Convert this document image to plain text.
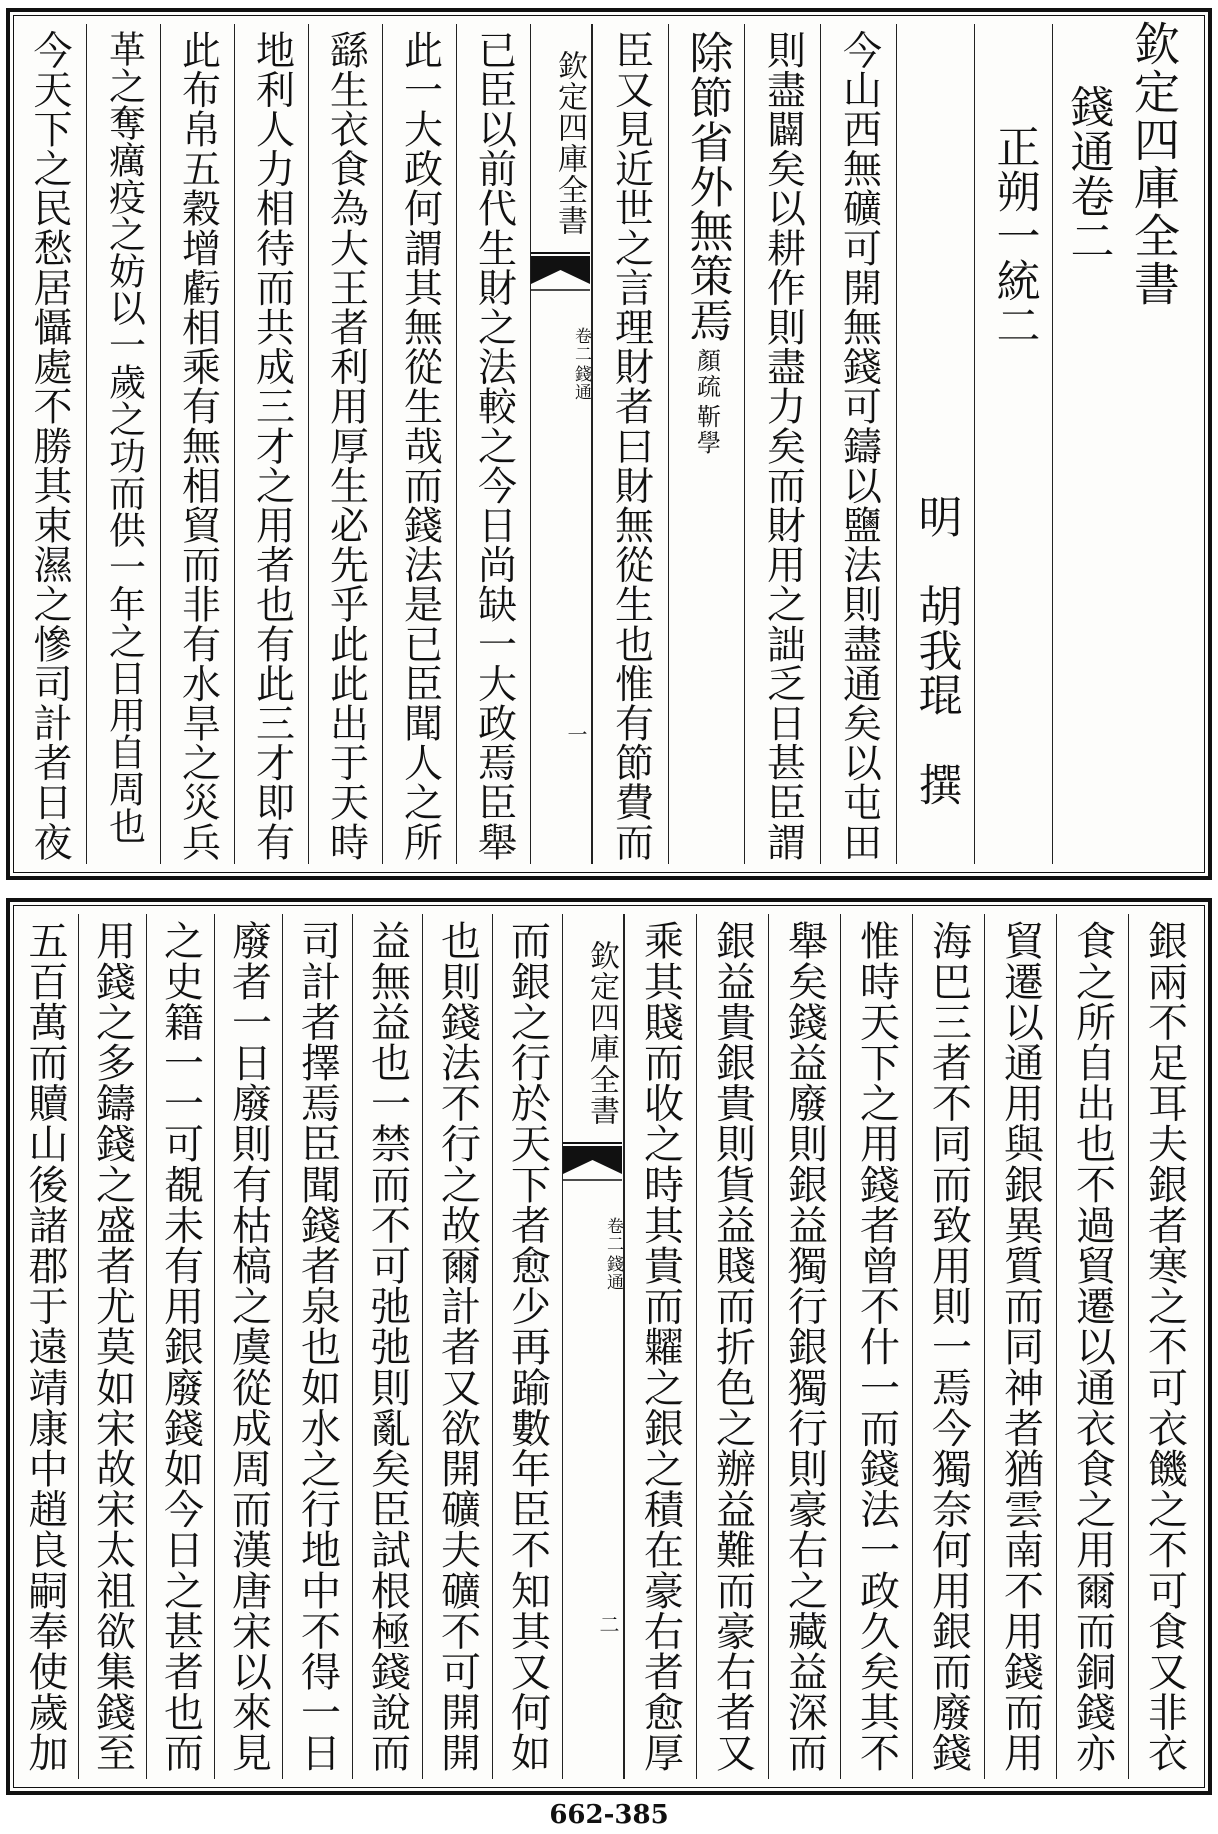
欽定四庫全書
錢通卷二
正朔一統二
明　胡我琨　撰
今山西無礦可開無錢可鑄以鹽法則盡通矣以屯田
則盡闢矣以耕作則盡力矣而財用之詘乏日甚臣謂
除節省外無策焉
靳學
顏疏
臣又見近世之言理財者曰財無從生也惟有節費而
欽定四庫全書
錢通
卷二
一
已臣以前代生財之法較之今日尚缺一大政焉臣舉
此一大政何謂其無從生哉而錢法是已臣聞人之所
繇生衣食為大王者利用厚生必先乎此此出于天時
地利人力相待而共成三才之用者也有此三才即有
此布帛五穀增虧相乘有無相貿而非有水旱之災兵
革之奪癘疫之妨以一歲之功而供一年之日用自周也
今天下之民愁居懾處不勝其束濕之慘司計者日夜
銀兩不足耳夫銀者寒之不可衣饑之不可食又非衣
食之所自出也不過貿遷以通衣食之用爾而銅錢亦
貿遷以通用與銀異質而同神者猶雲南不用錢而用
海巴三者不同而致用則一焉今獨奈何用銀而廢錢
惟時天下之用錢者曾不什一而錢法一政久矣其不
舉矣錢益廢則銀益獨行銀獨行則豪右之藏益深而
銀益貴銀貴則貨益賤而折色之辦益難而豪右者又
乘其賤而收之時其貴而糶之銀之積在豪右者愈厚
欽定四庫全書
錢通
卷二
二
而銀之行於天下者愈少再踰數年臣不知其又何如
也則錢法不行之故爾計者又欲開礦夫礦不可開開
益無益也一禁而不可弛弛則亂矣臣試根極錢說而
司計者擇焉臣聞錢者泉也如水之行地中不得一日
廢者一日廢則有枯槁之虞從成周而漢唐宋以來見
之史籍一一可覩未有用銀廢錢如今日之甚者也而
用錢之多鑄錢之盛者尤莫如宋故宋太祖欲集錢至
五百萬而贖山後諸郡于遠靖康中趙良嗣奉使歲加
662-385
